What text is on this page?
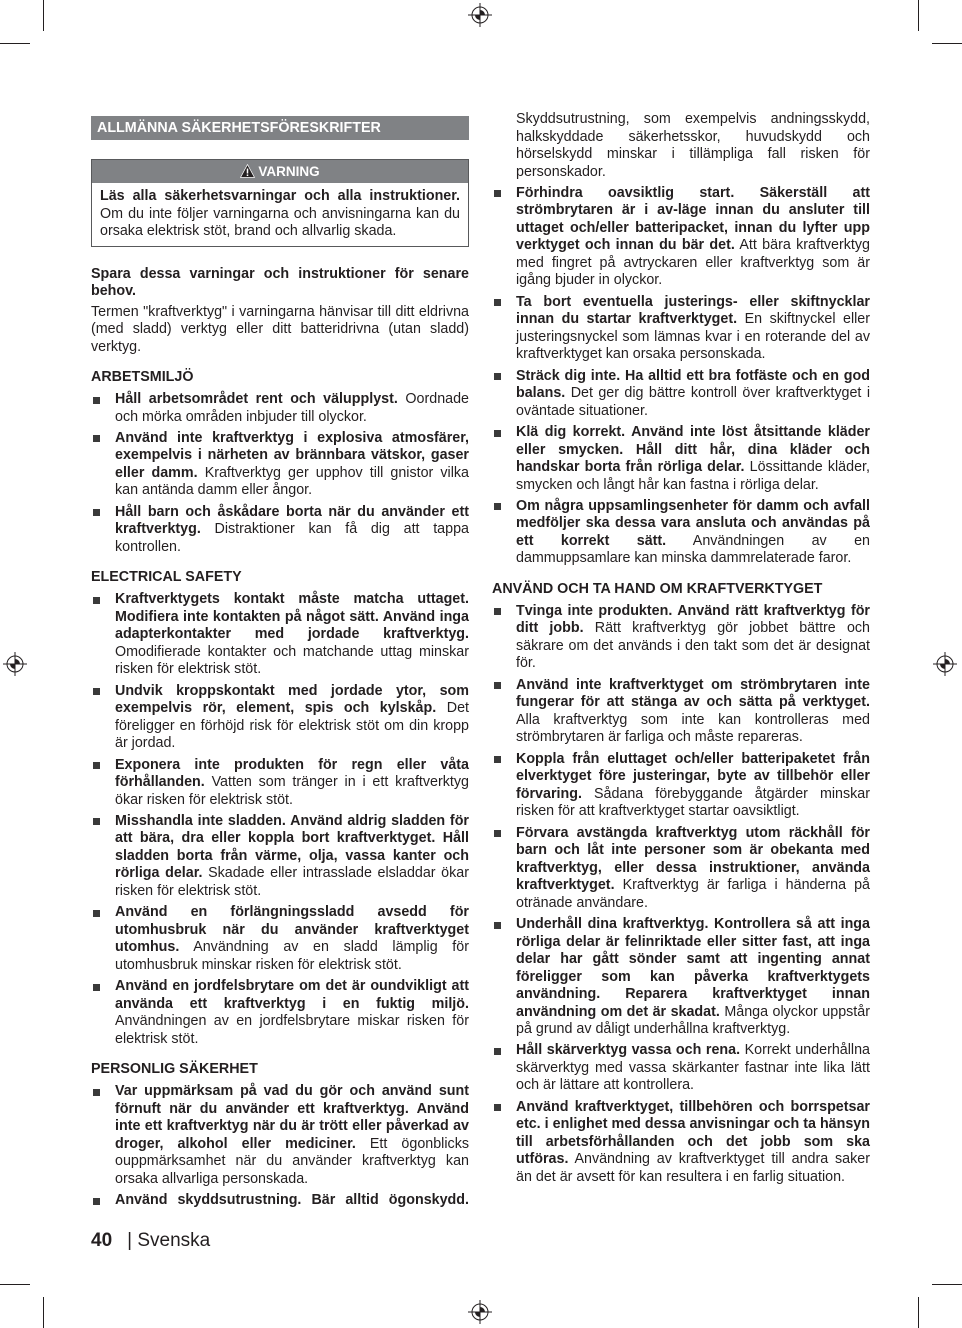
ALLMÄNNA SÄKERHETSFÖRESKRIFTER
VARNING

Läs alla säkerhetsvarningar och alla instruktioner. Om du inte följer varningarna och anvisningarna kan du orsaka elektrisk stöt, brand och allvarlig skada.

Spara dessa varningar och instruktioner för senare behov.

Termen "kraftverktyg" i varningarna hänvisar till ditt eldrivna (med sladd) verktyg eller ditt batteridrivna (utan sladd) verktyg.

ARBETSMILJÖ
Håll arbetsområdet rent och välupplyst. Oordnade och mörka områden inbjuder till olyckor.
Använd inte kraftverktyg i explosiva atmosfärer, exempelvis i närheten av brännbara vätskor, gaser eller damm. Kraftverktyg ger upphov till gnistor vilka kan antända damm eller ångor.
Håll barn och åskådare borta när du använder ett kraftverktyg. Distraktioner kan få dig att tappa kontrollen.
ELECTRICAL SAFETY
Kraftverktygets kontakt måste matcha uttaget. Modifiera inte kontakten på något sätt. Använd inga adapterkontakter med jordade kraftverktyg. Omodifierade kontakter och matchande uttag minskar risken för elektrisk stöt.
Undvik kroppskontakt med jordade ytor, som exempelvis rör, element, spis och kylskåp. Det föreligger en förhöjd risk för elektrisk stöt om din kropp är jordad.
Exponera inte produkten för regn eller våta förhållanden. Vatten som tränger in i ett kraftverktyg ökar risken för elektrisk stöt.
Misshandla inte sladden. Använd aldrig sladden för att bära, dra eller koppla bort kraftverktyget. Håll sladden borta från värme, olja, vassa kanter och rörliga delar. Skadade eller intrasslade elsladdar ökar risken för elektrisk stöt.
Använd en förlängningssladd avsedd för utomhusbruk när du använder kraftverktyget utomhus. Användning av en sladd lämplig för utomhusbruk minskar risken för elektrisk stöt.
Använd en jordfelsbrytare om det är oundvikligt att använda ett kraftverktyg i en fuktig miljö. Användningen av en jordfelsbrytare miskar risken för elektrisk stöt.
PERSONLIG SÄKERHET
Var uppmärksam på vad du gör och använd sunt förnuft när du använder ett kraftverktyg. Använd inte ett kraftverktyg när du är trött eller påverkad av droger, alkohol eller mediciner. Ett ögonblicks ouppmärksamhet när du använder kraftverktyg kan orsaka allvarliga personskada.
Använd skyddsutrustning. Bär alltid ögonskydd.

Skyddsutrustning, som exempelvis andningsskydd, halkskyddade säkerhetsskor, huvudskydd och hörselskydd minskar i tillämpliga fall risken för personskador.

Förhindra oavsiktlig start. Säkerställ att strömbrytaren är i av-läge innan du ansluter till uttaget och/eller batteripacket, innan du lyfter upp verktyget och innan du bär det. Att bära kraftverktyg med fingret på avtryckaren eller kraftverktyg som är igång bjuder in olyckor.
Ta bort eventuella justerings- eller skiftnycklar innan du startar kraftverktyget. En skiftnyckel eller justeringsnyckel som lämnas kvar i en roterande del av kraftverktyget kan orsaka personskada.
Sträck dig inte. Ha alltid ett bra fotfäste och en god balans. Det ger dig bättre kontroll över kraftverktyget i oväntade situationer.
Klä dig korrekt. Använd inte löst åtsittande kläder eller smycken. Håll ditt hår, dina kläder och handskar borta från rörliga delar. Lössittande kläder, smycken och långt hår kan fastna i rörliga delar.
Om några uppsamlingsenheter för damm och avfall medföljer ska dessa vara ansluta och användas på ett korrekt sätt. Användningen av en dammuppsamlare kan minska dammrelaterade faror.
ANVÄND OCH TA HAND OM KRAFTVERKTYGET
Tvinga inte produkten. Använd rätt kraftverktyg för ditt jobb. Rätt kraftverktyg gör jobbet bättre och säkrare om det används i den takt som det är designat för.
Använd inte kraftverktyget om strömbrytaren inte fungerar för att stänga av och sätta på verktyget. Alla kraftverktyg som inte kan kontrolleras med strömbrytaren är farliga och måste repareras.
Koppla från eluttaget och/eller batteripaketet från elverktyget före justeringar, byte av tillbehör eller förvaring. Sådana förebyggande åtgärder minskar risken för att kraftverktyget startar oavsiktligt.
Förvara avstängda kraftverktyg utom räckhåll för barn och låt inte personer som är obekanta med kraftverktyg, eller dessa instruktioner, använda kraftverktyget. Kraftverktyg är farliga i händerna på otränade användare.
Underhåll dina kraftverktyg. Kontrollera så att inga rörliga delar är felinriktade eller sitter fast, att inga delar har gått sönder samt att ingenting annat föreligger som kan påverka kraftverktygets användning. Reparera kraftverktyget innan användning om det är skadat. Många olyckor uppstår på grund av dåligt underhållna kraftverktyg.
Håll skärverktyg vassa och rena. Korrekt underhållna skärverktyg med vassa skärkanter fastnar inte lika lätt och är lättare att kontrollera.
Använd kraftverktyget, tillbehören och borrspetsar etc. i enlighet med dessa anvisningar och ta hänsyn till arbetsförhållanden och det jobb som ska utföras. Användning av kraftverktyget till andra saker än det är avsett för kan resultera i en farlig situation.
40 | Svenska
